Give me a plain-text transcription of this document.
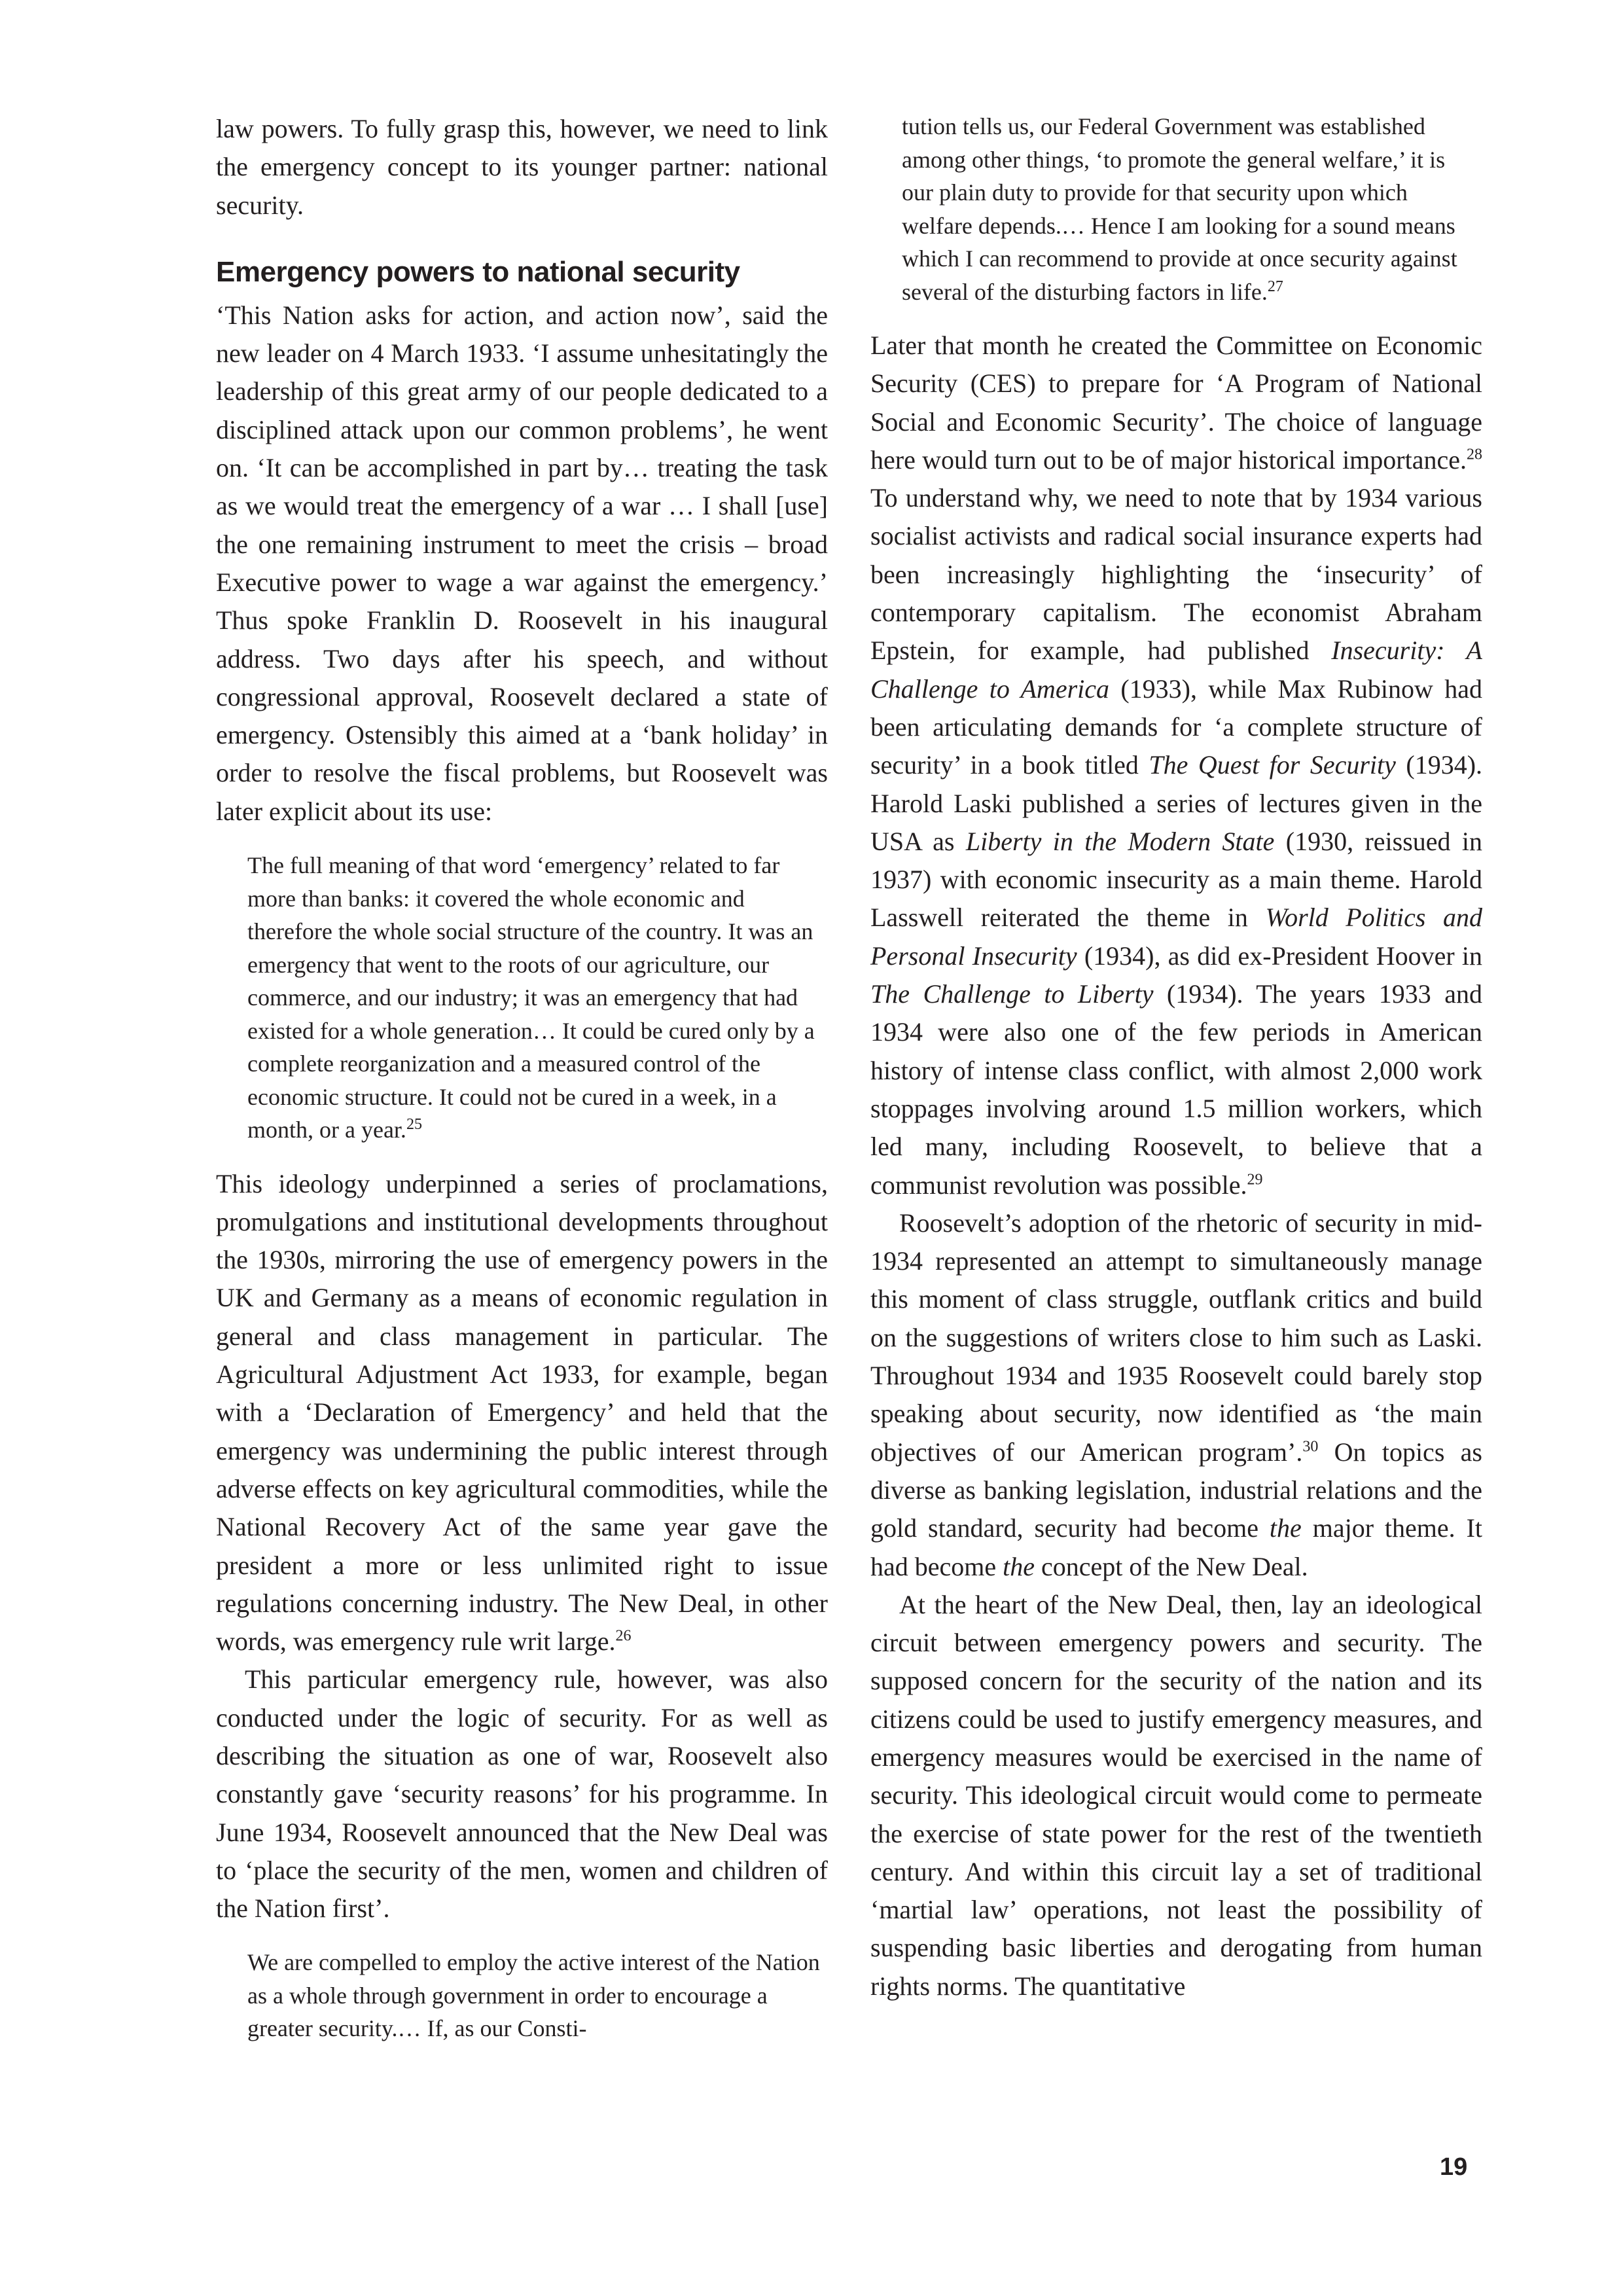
law powers. To fully grasp this, however, we need to link the emergency concept to its younger partner: national security.

Emergency powers to national security

‘This Nation asks for action, and action now’, said the new leader on 4 March 1933. ‘I assume unhesitatingly the leadership of this great army of our people dedicated to a disciplined attack upon our common problems’, he went on. ‘It can be accomplished in part by… treating the task as we would treat the emergency of a war … I shall [use] the one remaining instrument to meet the crisis – broad Executive power to wage a war against the emergency.’ Thus spoke Franklin D. Roosevelt in his inaugural address. Two days after his speech, and without congressional approval, Roosevelt declared a state of emergency. Ostensibly this aimed at a ‘bank holiday’ in order to resolve the fiscal problems, but Roosevelt was later explicit about its use:

The full meaning of that word ‘emergency’ related to far more than banks: it covered the whole economic and therefore the whole social structure of the country. It was an emergency that went to the roots of our agriculture, our commerce, and our industry; it was an emergency that had existed for a whole generation… It could be cured only by a complete reorganization and a measured control of the economic structure. It could not be cured in a week, in a month, or a year.$^{25}$

This ideology underpinned a series of proclamations, promulgations and institutional developments throughout the 1930s, mirroring the use of emergency powers in the UK and Germany as a means of economic regulation in general and class management in particular. The Agricultural Adjustment Act 1933, for example, began with a ‘Declaration of Emergency’ and held that the emergency was undermining the public interest through adverse effects on key agricultural commodities, while the National Recovery Act of the same year gave the president a more or less unlimited right to issue regulations concerning industry. The New Deal, in other words, was emergency rule writ large.$^{26}$

This particular emergency rule, however, was also conducted under the logic of security. For as well as describing the situation as one of war, Roosevelt also constantly gave ‘security reasons’ for his programme. In June 1934, Roosevelt announced that the New Deal was to ‘place the security of the men, women and children of the Nation first’.

We are compelled to employ the active interest of the Nation as a whole through government in order to encourage a greater security.… If, as our Consti-

tution tells us, our Federal Government was established among other things, ‘to promote the general welfare,’ it is our plain duty to provide for that security upon which welfare depends.… Hence I am looking for a sound means which I can recommend to provide at once security against several of the disturbing factors in life.$^{27}$

Later that month he created the Committee on Economic Security (CES) to prepare for ‘A Program of National Social and Economic Security’. The choice of language here would turn out to be of major historical importance.$^{28}$ To understand why, we need to note that by 1934 various socialist activists and radical social insurance experts had been increasingly highlighting the ‘insecurity’ of contemporary capitalism. The economist Abraham Epstein, for example, had published Insecurity: A Challenge to America (1933), while Max Rubinow had been articulating demands for ‘a complete structure of security’ in a book titled The Quest for Security (1934). Harold Laski published a series of lectures given in the USA as Liberty in the Modern State (1930, reissued in 1937) with economic insecurity as a main theme. Harold Lasswell reiterated the theme in World Politics and Personal Insecurity (1934), as did ex-President Hoover in The Challenge to Liberty (1934). The years 1933 and 1934 were also one of the few periods in American history of intense class conflict, with almost 2,000 work stoppages involving around 1.5 million workers, which led many, including Roosevelt, to believe that a communist revolution was possible.$^{29}$

Roosevelt’s adoption of the rhetoric of security in mid-1934 represented an attempt to simultaneously manage this moment of class struggle, outflank critics and build on the suggestions of writers close to him such as Laski. Throughout 1934 and 1935 Roosevelt could barely stop speaking about security, now identified as ‘the main objectives of our American program’.$^{30}$ On topics as diverse as banking legislation, industrial relations and the gold standard, security had become the major theme. It had become the concept of the New Deal.

At the heart of the New Deal, then, lay an ideological circuit between emergency powers and security. The supposed concern for the security of the nation and its citizens could be used to justify emergency measures, and emergency measures would be exercised in the name of security. This ideological circuit would come to permeate the exercise of state power for the rest of the twentieth century. And within this circuit lay a set of traditional ‘martial law’ operations, not least the possibility of suspending basic liberties and derogating from human rights norms. The quantitative

19
